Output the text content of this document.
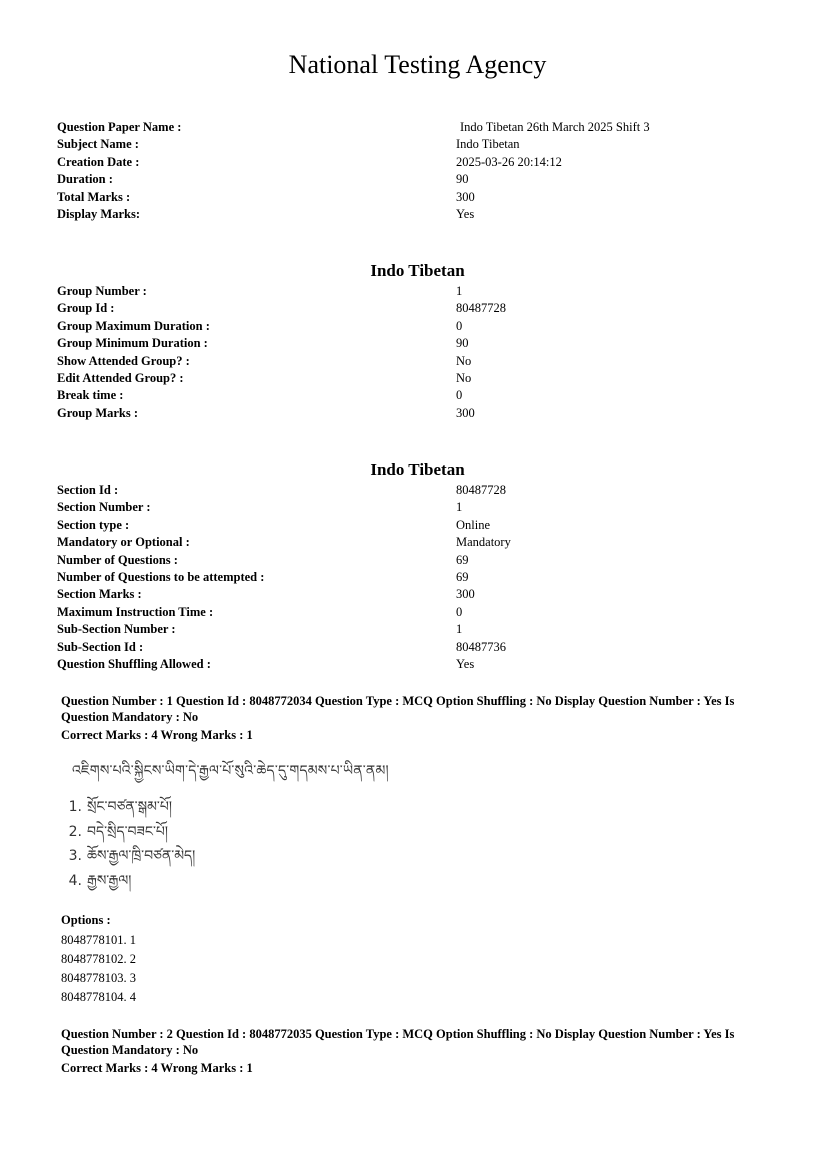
National Testing Agency
Question Paper Name :	Indo Tibetan 26th March 2025 Shift 3
Subject Name :	Indo Tibetan
Creation Date :	2025-03-26 20:14:12
Duration :	90
Total Marks :	300
Display Marks:	Yes
Indo Tibetan
Group Number :	1
Group Id :	80487728
Group Maximum Duration :	0
Group Minimum Duration :	90
Show Attended Group? :	No
Edit Attended Group? :	No
Break time :	0
Group Marks :	300
Indo Tibetan
Section Id :	80487728
Section Number :	1
Section type :	Online
Mandatory or Optional :	Mandatory
Number of Questions :	69
Number of Questions to be attempted :	69
Section Marks :	300
Maximum Instruction Time :	0
Sub-Section Number :	1
Sub-Section Id :	80487736
Question Shuffling Allowed :	Yes
Question Number : 1 Question Id : 8048772034 Question Type : MCQ Option Shuffling : No Display Question Number : Yes Is Question Mandatory : No
Correct Marks : 4 Wrong Marks : 1
འཇིགས་པའི་སྐྱིངས་ཡིག་དེ་རྒྱལ་པོ་སུའི་ཆེད་དུ་གདམས་པ་ཡིན་ནམ།
1. སྲོང་བཙན་སྒམ་པོ།
2. བདེ་སྲིད་བཟང་པོ།
3. ཆོས་རྒྱལ་ཁྲི་བཙན་མེད།
4. རྒྱས་རྒྱལ།
Options :
8048778101. 1
8048778102. 2
8048778103. 3
8048778104. 4
Question Number : 2 Question Id : 8048772035 Question Type : MCQ Option Shuffling : No Display Question Number : Yes Is Question Mandatory : No
Correct Marks : 4 Wrong Marks : 1
